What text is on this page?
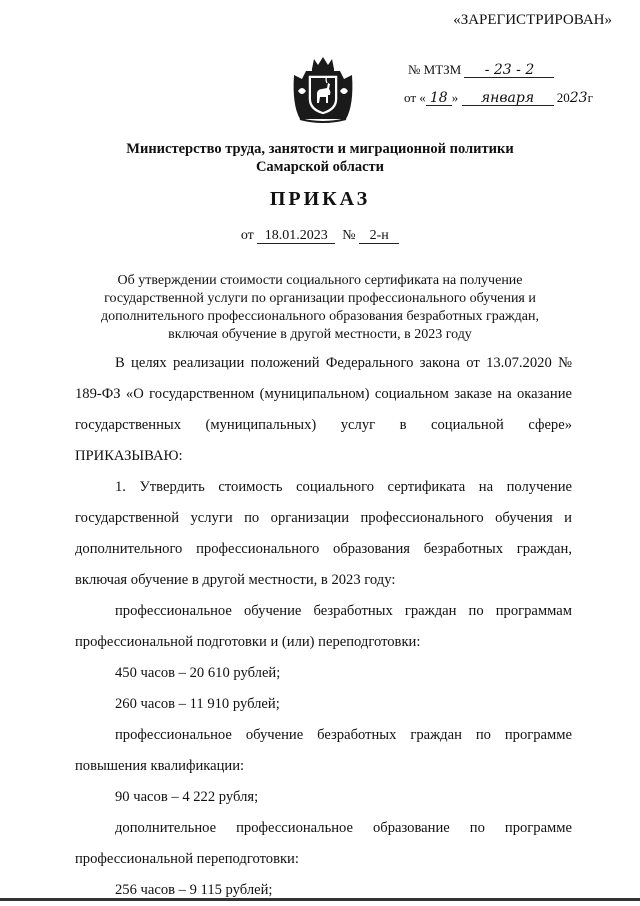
«ЗАРЕГИСТРИРОВАН»
№ МТЗМ - 23 - 2
от « 18 » января 2023г
Министерство труда, занятости и миграционной политики
Самарской области
ПРИКАЗ
от 18.01.2023 № 2-н
Об утверждении стоимости социального сертификата на получение государственной услуги по организации профессионального обучения и дополнительного профессионального образования безработных граждан, включая обучение в другой местности, в 2023 году

В целях реализации положений Федерального закона от 13.07.2020 № 189-ФЗ «О государственном (муниципальном) социальном заказе на оказание государственных (муниципальных) услуг в социальной сфере» ПРИКАЗЫВАЮ:

1. Утвердить стоимость социального сертификата на получение государственной услуги по организации профессионального обучения и дополнительного профессионального образования безработных граждан, включая обучение в другой местности, в 2023 году:

профессиональное обучение безработных граждан по программам профессиональной подготовки и (или) переподготовки:

450 часов – 20 610 рублей;

260 часов – 11 910 рублей;

профессиональное обучение безработных граждан по программе повышения квалификации:

90 часов – 4 222 рубля;

дополнительное профессиональное образование по программе профессиональной переподготовки:

256 часов – 9 115 рублей;
